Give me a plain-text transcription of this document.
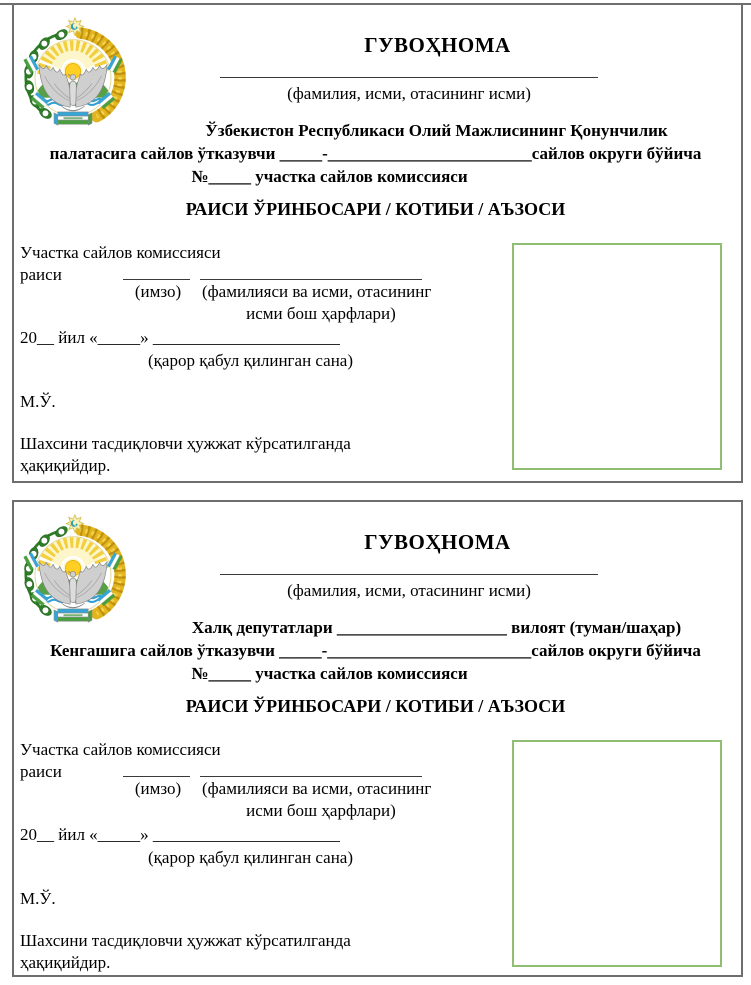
ГУВОҲНОМА
(фамилия, исми, отасининг исми)
Ўзбекистон Республикаси Олий Мажлисининг Қонунчилик
палатасига сайлов ўтказувчи _____-________________________сайлов округи бўйича
№_____ участка сайлов комиссияси
РАИСИ ЎРИНБОСАРИ / КОТИБИ / АЪЗОСИ
Участка сайлов комиссияси
раиси
(имзо)	(фамилияси ва исми, отасининг
исми бош ҳарфлари)
20__ йил «_____» ______________________
(қарор қабул қилинган сана)
М.Ў.
Шахсини тасдиқловчи ҳужжат кўрсатилганда
ҳақиқийдир.
ГУВОҲНОМА
(фамилия, исми, отасининг исми)
Халқ депутатлари ____________________ вилоят (туман/шаҳар)
Кенгашига сайлов ўтказувчи _____-________________________сайлов округи бўйича
№_____ участка сайлов комиссияси
РАИСИ ЎРИНБОСАРИ / КОТИБИ / АЪЗОСИ
Участка сайлов комиссияси
раиси
(имзо)	(фамилияси ва исми, отасининг
исми бош ҳарфлари)
20__ йил «_____» ______________________
(қарор қабул қилинган сана)
М.Ў.
Шахсини тасдиқловчи ҳужжат кўрсатилганда
ҳақиқийдир.
